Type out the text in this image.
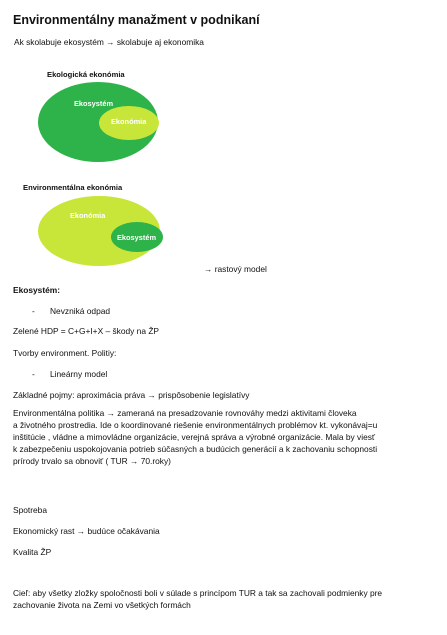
Environmentálny manažment v podnikaní
Ak skolabuje ekosystém → skolabuje aj ekonomika
Ekologická ekonómia
Ekosystém
Ekonómia
Environmentálna ekonómia
Ekonómia
Ekosystém
→ rastový model
Ekosystém:
- Nevzniká odpad
Zelené HDP = C+G+I+X – škody na ŽP
Tvorby environment. Politiy:
- Lineárny model
Základné pojmy: aproximácia práva → prispôsobenie legislatívy
Environmentálna politika → zameraná na presadzovanie rovnováhy medzi aktivitami človeka
a životného prostredia. Ide o koordinované riešenie environmentálnych problémov kt. vykonávaj=u
inštitúcie , vládne a mimovládne organizácie, verejná správa a výrobné organizácie. Mala by viesť
k zabezpečeniu uspokojovania potrieb súčasných a budúcich generácií a k zachovaniu schopnosti
prírody trvalo sa obnoviť ( TUR → 70.roky)
Spotreba
Ekonomický rast → budúce očakávania
Kvalita ŽP
Cieľ: aby všetky zložky spoločnosti boli v súlade s princípom TUR a tak sa zachovali podmienky pre
zachovanie života na Zemi vo všetkých formách
